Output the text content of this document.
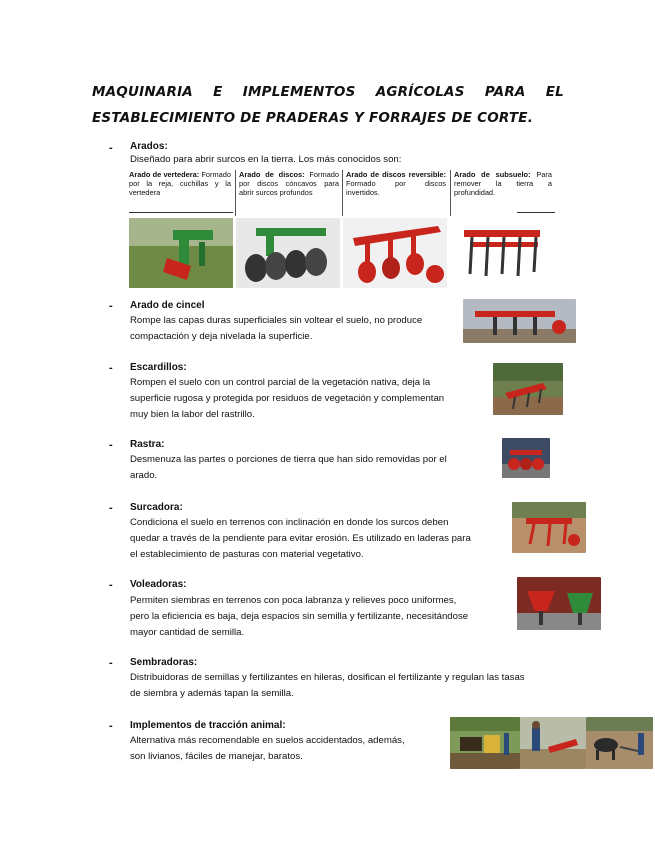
MAQUINARIA E IMPLEMENTOS AGRÍCOLAS PARA EL
ESTABLECIMIENTO DE PRADERAS Y FORRAJES DE CORTE.
- Arados:
Diseñado para abrir surcos en la tierra. Los más conocidos son:
Arado de vertedera: Formado por la reja, cuchillas y la vertedera
Arado de discos: Formado por discos cóncavos para abrir surcos profundos
Arado de discos reversible: Formado por discos invertidos.
Arado de subsuelo: Para remover la tierra a profundidad.
- Arado de cincel
Rompe las capas duras superficiales sin voltear el suelo, no produce
compactación y deja nivelada la superficie.
- Escardillos:
Rompen el suelo con un control parcial de la vegetación nativa, deja la
superficie rugosa y protegida por residuos de vegetación y complementan
muy bien la labor del rastrillo.
- Rastra:
Desmenuza las partes o porciones de tierra que han sido removidas por el
arado.
- Surcadora:
Condiciona el suelo en terrenos con inclinación en donde los surcos deben
quedar a través de la pendiente para evitar erosión. Es utilizado en laderas para
el establecimiento de pasturas con material vegetativo.
- Voleadoras:
Permiten siembras en terrenos con poca labranza y relieves poco uniformes,
pero la eficiencia es baja, deja espacios sin semilla y fertilizante, necesitándose
mayor cantidad de semilla.
- Sembradoras:
Distribuidoras de semillas y fertilizantes en hileras, dosifican el fertilizante y regulan las tasas
de siembra y además tapan la semilla.
- Implementos de tracción animal:
Alternativa más recomendable en suelos accidentados, además,
son livianos, fáciles de manejar, baratos.
